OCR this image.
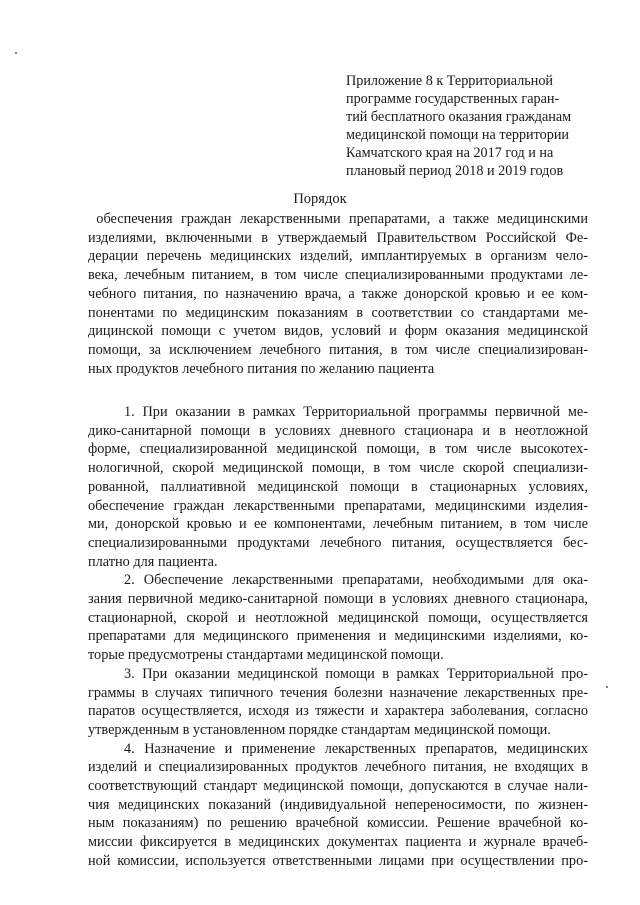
Приложение 8 к Территориальной
программе государственных гаран-
тий бесплатного оказания гражданам
медицинской помощи на территории
Камчатского края на 2017 год и на
плановый период 2018 и 2019 годов
Порядок
обеспечения граждан лекарственными препаратами, а также медицинскими
изделиями, включенными в утверждаемый Правительством Российской Фе-
дерации перечень медицинских изделий, имплантируемых в организм чело-
века, лечебным питанием, в том числе специализированными продуктами ле-
чебного питания, по назначению врача, а также донорской кровью и ее ком-
понентами по медицинским показаниям в соответствии со стандартами ме-
дицинской помощи с учетом видов, условий и форм оказания медицинской
помощи, за исключением лечебного питания, в том числе специализирован-
ных продуктов лечебного питания по желанию пациента
1. При оказании в рамках Территориальной программы первичной ме-
дико-санитарной помощи в условиях дневного стационара и в неотложной
форме, специализированной медицинской помощи, в том числе высокотех-
нологичной, скорой медицинской помощи, в том числе скорой специализи-
рованной, паллиативной медицинской помощи в стационарных условиях,
обеспечение граждан лекарственными препаратами, медицинскими изделия-
ми, донорской кровью и ее компонентами, лечебным питанием, в том числе
специализированными продуктами лечебного питания, осуществляется бес-
платно для пациента.
2. Обеспечение лекарственными препаратами, необходимыми для ока-
зания первичной медико-санитарной помощи в условиях дневного стационара,
стационарной, скорой и неотложной медицинской помощи, осуществляется
препаратами для медицинского применения и медицинскими изделиями, ко-
торые предусмотрены стандартами медицинской помощи.
3. При оказании медицинской помощи в рамках Территориальной про-
граммы в случаях типичного течения болезни назначение лекарственных пре-
паратов осуществляется, исходя из тяжести и характера заболевания, согласно
утвержденным в установленном порядке стандартам медицинской помощи.
4. Назначение и применение лекарственных препаратов, медицинских
изделий и специализированных продуктов лечебного питания, не входящих в
соответствующий стандарт медицинской помощи, допускаются в случае нали-
чия медицинских показаний (индивидуальной непереносимости, по жизнен-
ным показаниям) по решению врачебной комиссии. Решение врачебной ко-
миссии фиксируется в медицинских документах пациента и журнале врачеб-
ной комиссии, используется ответственными лицами при осуществлении про-
